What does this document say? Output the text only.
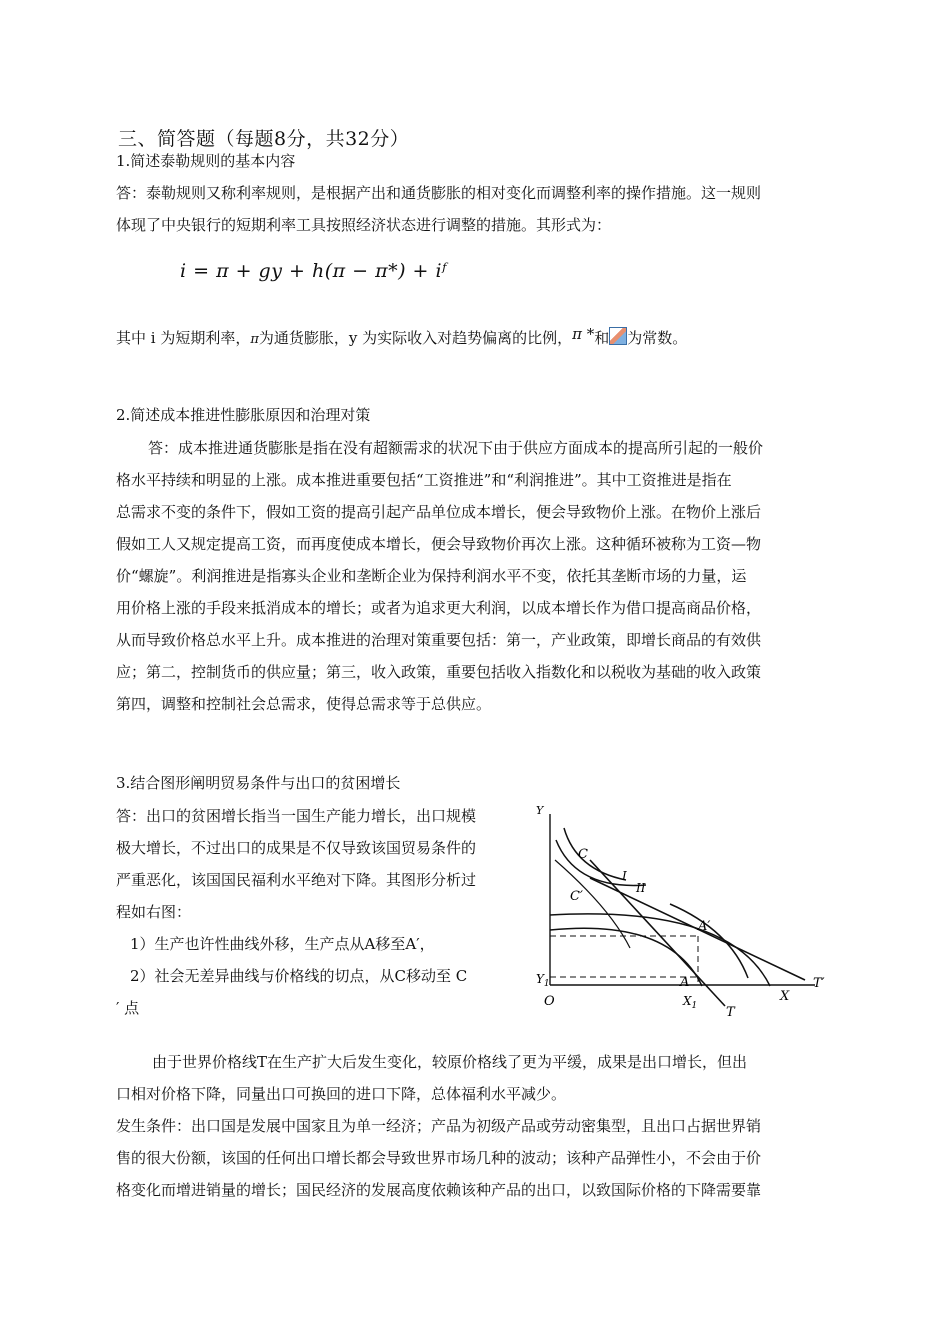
三、简答题（每题8分，共32分）
1.简述泰勒规则的基本内容
答：泰勒规则又称利率规则，是根据产出和通货膨胀的相对变化而调整利率的操作措施。这一规则
体现了中央银行的短期利率工具按照经济状态进行调整的措施。其形式为：
i = π + gy + h(π − π*) + iᶠ
其中 i 为短期利率，π为通货膨胀，y 为实际收入对趋势偏离的比例，π *和 为常数。
2.简述成本推进性膨胀原因和治理对策
答：成本推进通货膨胀是指在没有超额需求的状况下由于供应方面成本的提高所引起的一般价
格水平持续和明显的上涨。成本推进重要包括“工资推进”和“利润推进”。其中工资推进是指在
总需求不变的条件下，假如工资的提高引起产品单位成本增长，便会导致物价上涨。在物价上涨后
假如工人又规定提高工资，而再度使成本增长，便会导致物价再次上涨。这种循环被称为工资—物
价“螺旋”。利润推进是指寡头企业和垄断企业为保持利润水平不变，依托其垄断市场的力量，运
用价格上涨的手段来抵消成本的增长；或者为追求更大利润，以成本增长作为借口提高商品价格，
从而导致价格总水平上升。成本推进的治理对策重要包括：第一，产业政策，即增长商品的有效供
应；第二，控制货币的供应量；第三，收入政策，重要包括收入指数化和以税收为基础的收入政策
第四，调整和控制社会总需求，使得总需求等于总供应。
3.结合图形阐明贸易条件与出口的贫困增长
答：出口的贫困增长指当一国生产能力增长，出口规模
极大增长，不过出口的成果是不仅导致该国贸易条件的
严重恶化，该国国民福利水平绝对下降。其图形分析过
程如右图：
1）生产也许性曲线外移，生产点从A移至A′，
2）社会无差异曲线与价格线的切点，从C移动至 C
′ 点
Y
O	X
C
C′
I
II
A
A′
$Y_1$
$X_1$ T
T′
由于世界价格线T在生产扩大后发生变化，较原价格线了更为平缓，成果是出口增长，但出
口相对价格下降，同量出口可换回的进口下降，总体福利水平减少。
发生条件：出口国是发展中国家且为单一经济；产品为初级产品或劳动密集型，且出口占据世界销
售的很大份额，该国的任何出口增长都会导致世界市场几种的波动；该种产品弹性小，不会由于价
格变化而增进销量的增长；国民经济的发展高度依赖该种产品的出口，以致国际价格的下降需要靠
